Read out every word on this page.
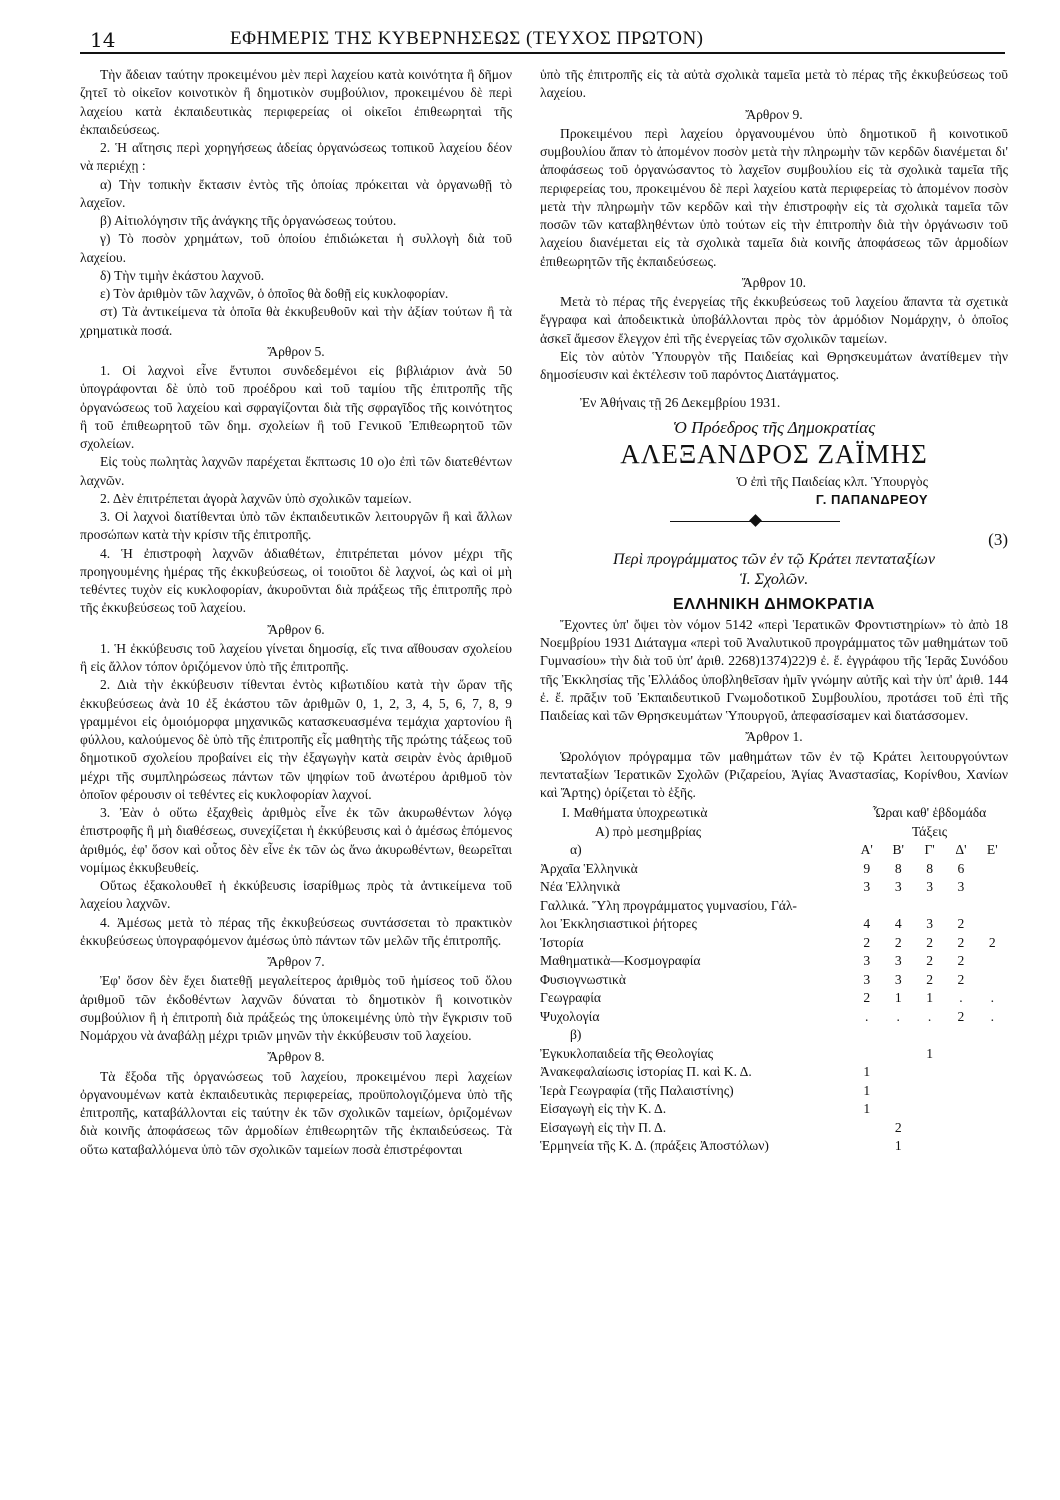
14	ΕΦΗΜΕΡΙΣ ΤΗΣ ΚΥΒΕΡΝΗΣΕΩΣ (ΤΕΥΧΟΣ ΠΡΩΤΟΝ)

Τὴν ἄδειαν ταύτην προκειμένου μὲν περὶ λαχείου κατὰ κοινότητα ἢ δῆμον ζητεῖ τὸ οἰκεῖον κοινοτικὸν ἢ δημοτικὸν συμβούλιον, προκειμένου δὲ περὶ λαχείου κατὰ ἐκπαιδευτικὰς περιφερείας οἱ οἰκεῖοι ἐπιθεωρηταὶ τῆς ἐκπαιδεύσεως.

2. Ἡ αἴτησις περὶ χορηγήσεως ἀδείας ὀργανώσεως τοπικοῦ λαχείου δέον νὰ περιέχῃ :

α) Τὴν τοπικὴν ἔκτασιν ἐντὸς τῆς ὁποίας πρόκειται νὰ ὀργανωθῇ τὸ λαχεῖον.

β) Αἰτιολόγησιν τῆς ἀνάγκης τῆς ὀργανώσεως τούτου.

γ) Τὸ ποσὸν χρημάτων, τοῦ ὁποίου ἐπιδιώκεται ἡ συλλογὴ διὰ τοῦ λαχείου.

δ) Τὴν τιμὴν ἑκάστου λαχνοῦ.

ε) Τὸν ἀριθμὸν τῶν λαχνῶν, ὁ ὁποῖος θὰ δοθῇ εἰς κυκλοφορίαν.

στ) Τὰ ἀντικείμενα τὰ ὁποῖα θὰ ἐκκυβευθοῦν καὶ τὴν ἀξίαν τούτων ἢ τὰ χρηματικὰ ποσά.

Ἄρθρον 5.

1. Οἱ λαχνοὶ εἶνε ἔντυποι συνδεδεμένοι εἰς βιβλιάριον ἀνὰ 50 ὑπογράφονται δὲ ὑπὸ τοῦ προέδρου καὶ τοῦ ταμίου τῆς ἐπιτροπῆς τῆς ὀργανώσεως τοῦ λαχείου καὶ σφραγίζονται διὰ τῆς σφραγῖδος τῆς κοινότητος ἢ τοῦ ἐπιθεωρητοῦ τῶν δημ. σχολείων ἢ τοῦ Γενικοῦ Ἐπιθεωρητοῦ τῶν σχολείων.

Εἰς τοὺς πωλητὰς λαχνῶν παρέχεται ἔκπτωσις 10 ο)ο ἐπὶ τῶν διατεθέντων λαχνῶν.

2. Δὲν ἐπιτρέπεται ἀγορὰ λαχνῶν ὑπὸ σχολικῶν ταμείων.

3. Οἱ λαχνοὶ διατίθενται ὑπὸ τῶν ἐκπαιδευτικῶν λειτουργῶν ἢ καὶ ἄλλων προσώπων κατὰ τὴν κρίσιν τῆς ἐπιτροπῆς.

4. Ἡ ἐπιστροφὴ λαχνῶν ἀδιαθέτων, ἐπιτρέπεται μόνον μέχρι τῆς προηγουμένης ἡμέρας τῆς ἐκκυβεύσεως, οἱ τοιοῦτοι δὲ λαχνοί, ὡς καὶ οἱ μὴ τεθέντες τυχὸν εἰς κυκλοφορίαν, ἀκυροῦνται διὰ πράξεως τῆς ἐπιτροπῆς πρὸ τῆς ἐκκυβεύσεως τοῦ λαχείου.

Ἄρθρον 6.

1. Ἡ ἐκκύβευσις τοῦ λαχείου γίνεται δημοσίᾳ, εἴς τινα αἴθουσαν σχολείου ἢ εἰς ἄλλον τόπον ὁριζόμενον ὑπὸ τῆς ἐπιτροπῆς.

2. Διὰ τὴν ἐκκύβευσιν τίθενται ἐντὸς κιβωτιδίου κατὰ τὴν ὥραν τῆς ἐκκυβεύσεως ἀνὰ 10 ἐξ ἑκάστου τῶν ἀριθμῶν 0, 1, 2, 3, 4, 5, 6, 7, 8, 9 γραμμένοι εἰς ὁμοιόμορφα μηχανικῶς κατασκευασμένα τεμάχια χαρτονίου ἢ φύλλου, καλούμενος δὲ ὑπὸ τῆς ἐπιτροπῆς εἷς μαθητὴς τῆς πρώτης τάξεως τοῦ δημοτικοῦ σχολείου προβαίνει εἰς τὴν ἐξαγωγὴν κατὰ σειρὰν ἑνὸς ἀριθμοῦ μέχρι τῆς συμπληρώσεως πάντων τῶν ψηφίων τοῦ ἀνωτέρου ἀριθμοῦ τὸν ὁποῖον φέρουσιν οἱ τεθέντες εἰς κυκλοφορίαν λαχνοί.

3. Ἐὰν ὁ οὕτω ἐξαχθεὶς ἀριθμὸς εἶνε ἐκ τῶν ἀκυρωθέντων λόγῳ ἐπιστροφῆς ἢ μὴ διαθέσεως, συνεχίζεται ἡ ἐκκύβευσις καὶ ὁ ἀμέσως ἑπόμενος ἀριθμός, ἐφ' ὅσον καὶ οὗτος δὲν εἶνε ἐκ τῶν ὡς ἄνω ἀκυρωθέντων, θεωρεῖται νομίμως ἐκκυβευθείς.

Οὕτως ἐξακολουθεῖ ἡ ἐκκύβευσις ἰσαρίθμως πρὸς τὰ ἀντικείμενα τοῦ λαχείου λαχνῶν.

4. Ἀμέσως μετὰ τὸ πέρας τῆς ἐκκυβεύσεως συντάσσεται τὸ πρακτικὸν ἐκκυβεύσεως ὑπογραφόμενον ἀμέσως ὑπὸ πάντων τῶν μελῶν τῆς ἐπιτροπῆς.

Ἄρθρον 7.

Ἐφ' ὅσον δὲν ἔχει διατεθῇ μεγαλείτερος ἀριθμὸς τοῦ ἡμίσεος τοῦ ὅλου ἀριθμοῦ τῶν ἐκδοθέντων λαχνῶν δύναται τὸ δημοτικὸν ἢ κοινοτικὸν συμβούλιον ἢ ἡ ἐπιτροπὴ διὰ πράξεώς της ὑποκειμένης ὑπὸ τὴν ἔγκρισιν τοῦ Νομάρχου νὰ ἀναβάλῃ μέχρι τριῶν μηνῶν τὴν ἐκκύβευσιν τοῦ λαχείου.

Ἄρθρον 8.

Τὰ ἔξοδα τῆς ὀργανώσεως τοῦ λαχείου, προκειμένου περὶ λαχείων ὀργανουμένων κατὰ ἐκπαιδευτικὰς περιφερείας, προϋπολογιζόμενα ὑπὸ τῆς ἐπιτροπῆς, καταβάλλονται εἰς ταύτην ἐκ τῶν σχολικῶν ταμείων, ὁριζομένων διὰ κοινῆς ἀποφάσεως τῶν ἁρμοδίων ἐπιθεωρητῶν τῆς ἐκπαιδεύσεως. Τὰ οὕτω καταβαλλόμενα ὑπὸ τῶν σχολικῶν ταμείων ποσὰ ἐπιστρέφονται

ὑπὸ τῆς ἐπιτροπῆς εἰς τὰ αὐτὰ σχολικὰ ταμεῖα μετὰ τὸ πέρας τῆς ἐκκυβεύσεως τοῦ λαχείου.

Ἄρθρον 9.

Προκειμένου περὶ λαχείου ὀργανουμένου ὑπὸ δημοτικοῦ ἢ κοινοτικοῦ συμβουλίου ἅπαν τὸ ἀπομένον ποσὸν μετὰ τὴν πληρωμὴν τῶν κερδῶν διανέμεται δι' ἀποφάσεως τοῦ ὀργανώσαντος τὸ λαχεῖον συμβουλίου εἰς τὰ σχολικὰ ταμεῖα τῆς περιφερείας του, προκειμένου δὲ περὶ λαχείου κατὰ περιφερείας τὸ ἀπομένον ποσὸν μετὰ τὴν πληρωμὴν τῶν κερδῶν καὶ τὴν ἐπιστροφὴν εἰς τὰ σχολικὰ ταμεῖα τῶν ποσῶν τῶν καταβληθέντων ὑπὸ τούτων εἰς τὴν ἐπιτροπὴν διὰ τὴν ὀργάνωσιν τοῦ λαχείου διανέμεται εἰς τὰ σχολικὰ ταμεῖα διὰ κοινῆς ἀποφάσεως τῶν ἁρμοδίων ἐπιθεωρητῶν τῆς ἐκπαιδεύσεως.

Ἄρθρον 10.

Μετὰ τὸ πέρας τῆς ἐνεργείας τῆς ἐκκυβεύσεως τοῦ λαχείου ἅπαντα τὰ σχετικὰ ἔγγραφα καὶ ἀποδεικτικὰ ὑποβάλλονται πρὸς τὸν ἁρμόδιον Νομάρχην, ὁ ὁποῖος ἀσκεῖ ἄμεσον ἔλεγχον ἐπὶ τῆς ἐνεργείας τῶν σχολικῶν ταμείων.

Εἰς τὸν αὐτὸν Ὑπουργὸν τῆς Παιδείας καὶ Θρησκευμάτων ἀνατίθεμεν τὴν δημοσίευσιν καὶ ἐκτέλεσιν τοῦ παρόντος Διατάγματος.

Ἐν Ἀθήναις τῇ 26 Δεκεμβρίου 1931.
Ὁ Πρόεδρος τῆς Δημοκρατίας
ΑΛΕΞΑΝΔΡΟΣ ΖΑΪΜΗΣ
Ὁ ἐπὶ τῆς Παιδείας κλπ. Ὑπουργὸς
Γ. ΠΑΠΑΝΔΡΕΟΥ
(3)
Περὶ προγράμματος τῶν ἐν τῷ Κράτει πενταταξίων
Ἱ. Σχολῶν.
ΕΛΛΗΝΙΚΗ ΔΗΜΟΚΡΑΤΙΑ

Ἔχοντες ὑπ' ὄψει τὸν νόμον 5142 «περὶ Ἱερατικῶν Φροντιστηρίων» τὸ ἀπὸ 18 Νοεμβρίου 1931 Διάταγμα «περὶ τοῦ Ἀναλυτικοῦ προγράμματος τῶν μαθημάτων τοῦ Γυμνασίου» τὴν διὰ τοῦ ὑπ' ἀριθ. 2268)1374)22)9 ἐ. ἔ. ἐγγράφου τῆς Ἱερᾶς Συνόδου τῆς Ἐκκλησίας τῆς Ἑλλάδος ὑποβληθεῖσαν ἡμῖν γνώμην αὐτῆς καὶ τὴν ὑπ' ἀριθ. 144 ἐ. ἔ. πρᾶξιν τοῦ Ἐκπαιδευτικοῦ Γνωμοδοτικοῦ Συμβουλίου, προτάσει τοῦ ἐπὶ τῆς Παιδείας καὶ τῶν Θρησκευμάτων Ὑπουργοῦ, ἀπεφασίσαμεν καὶ διατάσσομεν.

Ἄρθρον 1.

Ὡρολόγιον πρόγραμμα τῶν μαθημάτων τῶν ἐν τῷ Κράτει λειτουργούντων πενταταξίων Ἱερατικῶν Σχολῶν (Ριζαρείου, Ἁγίας Ἀναστασίας, Κορίνθου, Χανίων καὶ Ἄρτης) ὁρίζεται τὸ ἑξῆς.

Ι. Μαθήματα ὑποχρεωτικὰ	Ὧραι καθ' ἑβδομάδα				
Α) πρὸ μεσημβρίας	Τάξεις				
α)	Α'	Β'	Γ'	Δ'	Ε'
Ἀρχαῖα Ἑλληνικὰ	9	8	8	6	
Νέα Ἑλληνικὰ	3	3	3	3	
Γαλλικά. Ὕλη προγράμματος γυμνασίου, Γάλ-					
λοι Ἐκκλησιαστικοὶ ῥήτορες	4	4	3	2	
Ἱστορία	2	2	2	2	2
Μαθηματικὰ—Κοσμογραφία	3	3	2	2	
Φυσιογνωστικὰ	3	3	2	2	
Γεωγραφία	2	1	1	.	.
Ψυχολογία	.	.	.	2	.
β)					
Ἐγκυκλοπαιδεία τῆς Θεολογίας			1		
Ἀνακεφαλαίωσις ἱστορίας Π. καὶ Κ. Δ.	1				
Ἱερὰ Γεωγραφία (τῆς Παλαιστίνης)	1				
Εἰσαγωγὴ εἰς τὴν Κ. Δ.	1				
Εἰσαγωγὴ εἰς τὴν Π. Δ.		2			
Ἑρμηνεία τῆς Κ. Δ. (πράξεις Ἀποστόλων)		1			
